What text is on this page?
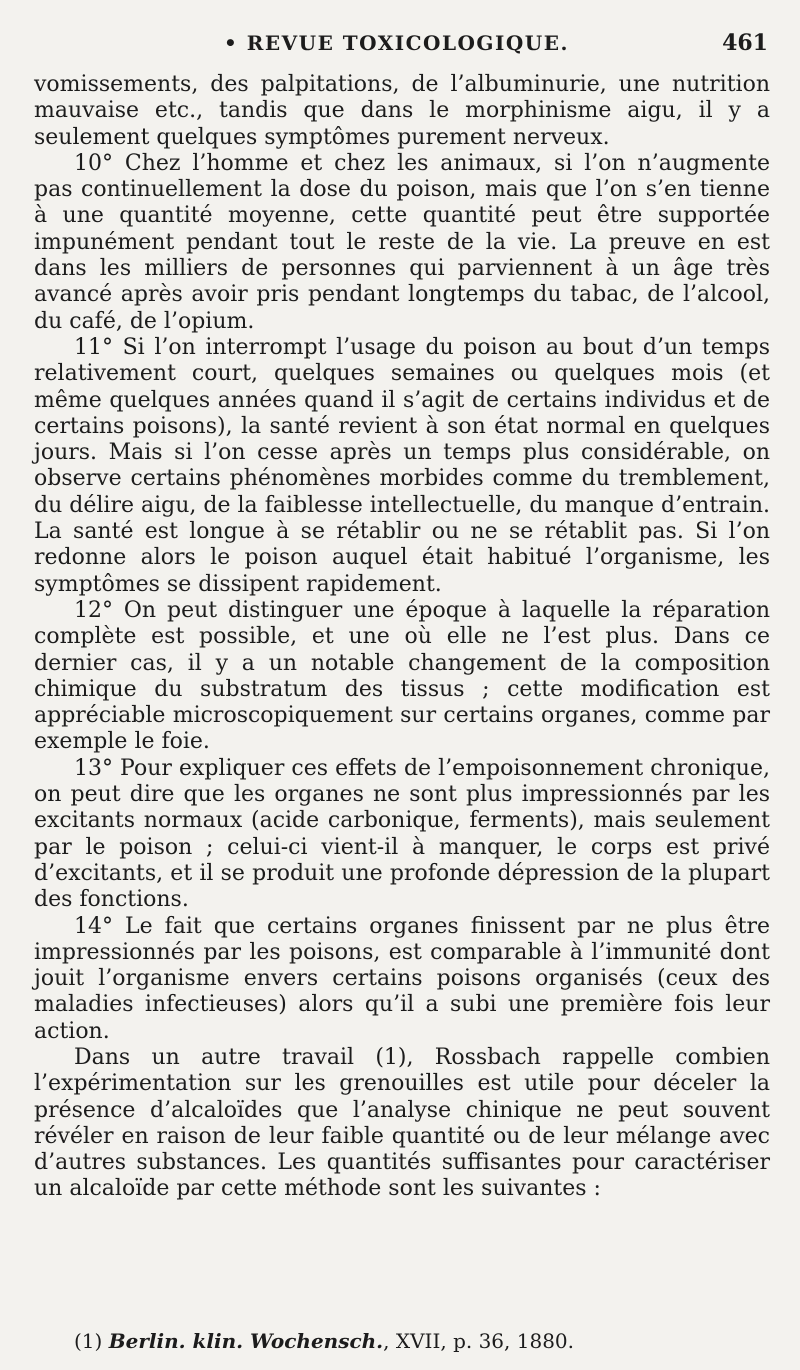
• REVUE TOXICOLOGIQUE.	461

vomissements, des palpitations, de l’albuminurie, une nutrition mauvaise etc., tandis que dans le morphinisme aigu, il y a seulement quelques symptômes purement nerveux.

10° Chez l’homme et chez les animaux, si l’on n’augmente pas continuellement la dose du poison, mais que l’on s’en tienne à une quantité moyenne, cette quantité peut être supportée impunément pendant tout le reste de la vie. La preuve en est dans les milliers de personnes qui parviennent à un âge très avancé après avoir pris pendant longtemps du tabac, de l’alcool, du café, de l’opium.

11° Si l’on interrompt l’usage du poison au bout d’un temps relativement court, quelques semaines ou quelques mois (et même quelques années quand il s’agit de certains individus et de certains poisons), la santé revient à son état normal en quelques jours. Mais si l’on cesse après un temps plus considérable, on observe certains phénomènes morbides comme du tremblement, du délire aigu, de la faiblesse intellectuelle, du manque d’entrain. La santé est longue à se rétablir ou ne se rétablit pas. Si l’on redonne alors le poison auquel était habitué l’organisme, les symptômes se dissipent rapidement.

12° On peut distinguer une époque à laquelle la réparation complète est possible, et une où elle ne l’est plus. Dans ce dernier cas, il y a un notable changement de la composition chimique du substratum des tissus ; cette modification est appréciable microscopiquement sur certains organes, comme par exemple le foie.

13° Pour expliquer ces effets de l’empoisonnement chronique, on peut dire que les organes ne sont plus impressionnés par les excitants normaux (acide carbonique, ferments), mais seulement par le poison ; celui-ci vient-il à manquer, le corps est privé d’excitants, et il se produit une profonde dépression de la plupart des fonctions.

14° Le fait que certains organes finissent par ne plus être impressionnés par les poisons, est comparable à l’immunité dont jouit l’organisme envers certains poisons organisés (ceux des maladies infectieuses) alors qu’il a subi une première fois leur action.

Dans un autre travail (1), Rossbach rappelle combien l’expérimentation sur les grenouilles est utile pour déceler la présence d’alcaloïdes que l’analyse chinique ne peut souvent révéler en raison de leur faible quantité ou de leur mélange avec d’autres substances. Les quantités suffisantes pour caractériser un alcaloïde par cette méthode sont les suivantes :

(1) Berlin. klin. Wochensch., XVII, p. 36, 1880.
